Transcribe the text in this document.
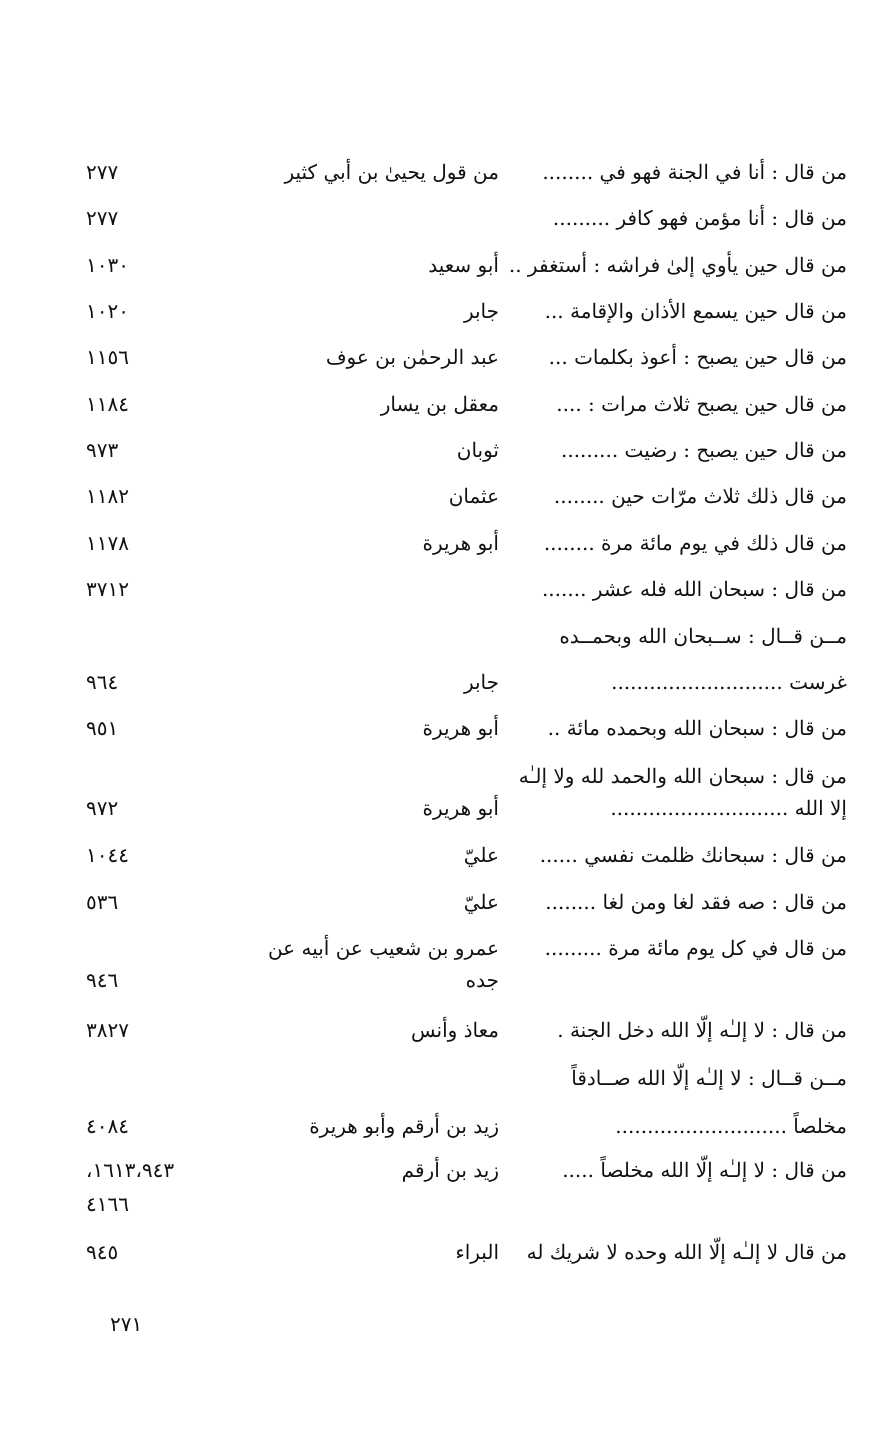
من قال : أنا في الجنة فهو في ........
من قول يحيىٰ بن أبي كثير
٢٧٧
من قال : أنا مؤمن فهو كافر .........
٢٧٧
من قال حين يأوي إلىٰ فراشه : أستغفر ..
أبو سعيد
١٠٣٠
من قال حين يسمع الأذان والإقامة ...
جابر
١٠٢٠
من قال حين يصبح : أعوذ بكلمات ...
عبد الرحمٰن بن عوف
١١٥٦
من قال حين يصبح ثلاث مرات : ....
معقل بن يسار
١١٨٤
من قال حين يصبح : رضيت .........
ثوبان
٩٧٣
من قال ذلك ثلاث مرّات حين ........
عثمان
١١٨٢
من قال ذلك في يوم مائة مرة ........
أبو هريرة
١١٧٨
من قال : سبحان الله فله عشر .......
٣٧١٢
مــن قــال : ســبحان الله وبحمــده
غرست ...........................
جابر
٩٦٤
من قال : سبحان الله وبحمده مائة ..
أبو هريرة
٩٥١
من قال : سبحان الله والحمد لله ولا إلـٰه
إلا الله ............................
أبو هريرة
٩٧٢
من قال : سبحانك ظلمت نفسي ......
عليّ
١٠٤٤
من قال : صه فقد لغا ومن لغا ........
عليّ
٥٣٦
من قال في كل يوم مائة مرة .........
عمرو بن شعيب عن أبيه عن
جده
٩٤٦
من قال : لا إلـٰه إلّا الله دخل الجنة .
معاذ وأنس
٣٨٢٧
مــن قــال : لا إلـٰه إلّا الله صــادقاً
مخلصاً ...........................
زيد بن أرقم وأبو هريرة
٤٠٨٤
من قال : لا إلـٰه إلّا الله مخلصاً .....
زيد بن أرقم
١٦١٣،٩٤٣،
٤١٦٦
من قال لا إلـٰه إلّا الله وحده لا شريك له
البراء
٩٤٥
٢٧١
